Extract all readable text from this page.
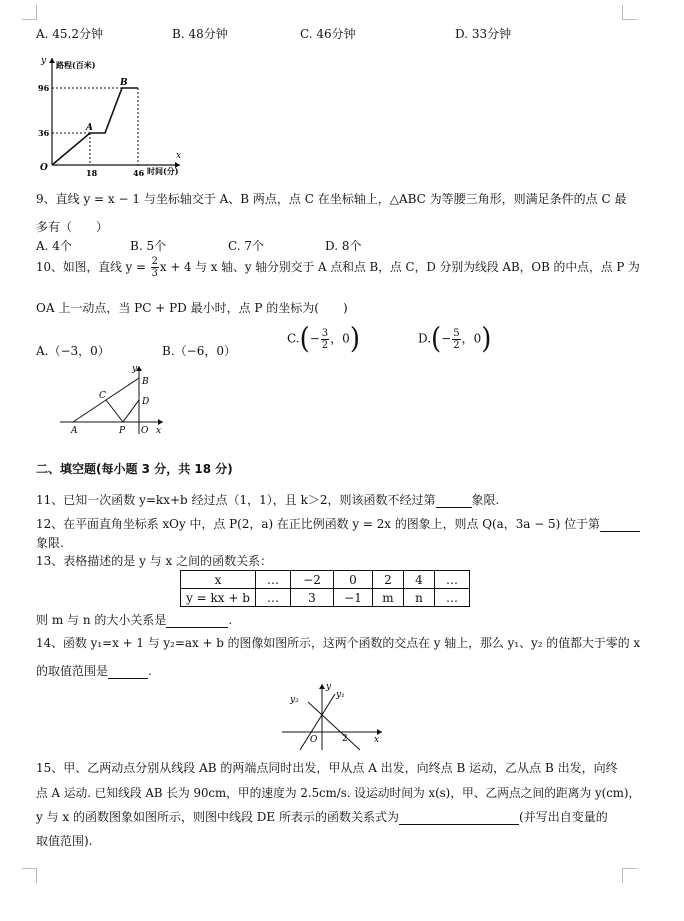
A. 45.2分钟	B. 48分钟	C. 46分钟	D. 33分钟
y 路程(百米)
96
36
O	18	46 时间(分)
x
A
B
9、直线 y = x − 1 与坐标轴交于 A、B 两点，点 C 在坐标轴上，△ABC 为等腰三角形，则满足条件的点 C 最
多有（　　）
A. 4个	B. 5个	C. 7个	D. 8个
10、如图，直线 $y = \frac{2}{3}$ x + 4 与 x 轴、y 轴分别交于 A 点和点 B，点 C，D 分别为线段 AB，OB 的中点，点 P 为
OA 上一动点，当 PC + PD 最小时，点 P 的坐标为(　　)
A.（−3，0）	B.（−6，0）
$C.(- \frac{3}{2}$ ，0)	$D.(- \frac{5}{2}$ ，0)
y
B
C
D
A	P O x
二、填空题(每小题 3 分，共 18 分)
11、已知一次函数 y=kx+b 经过点（1，1），且 k＞2，则该函数不经过第	象限.
12、在平面直角坐标系 xOy 中，点 P(2，a) 在正比例函数 y = 2x 的图象上，则点 Q(a，3a − 5) 位于第
象限.
13、表格描述的是 y 与 x 之间的函数关系：
x	…	−2	0	2	4	…
y = kx + b	…	3	−1	m	n	…
则 m 与 n 的大小关系是	.
14、函数 y₁=x + 1 与 y₂=ax + b 的图像如图所示，这两个函数的交点在 y 轴上，那么 y₁、y₂ 的值都大于零的 x
的取值范围是	.
y
y₁
y₂
O	2	x
15、甲、乙两动点分别从线段 AB 的两端点同时出发，甲从点 A 出发，向终点 B 运动，乙从点 B 出发，向终
点 A 运动. 已知线段 AB 长为 90cm，甲的速度为 2.5cm/s. 设运动时间为 x(s)，甲、乙两点之间的距离为 y(cm)，
y 与 x 的函数图象如图所示，则图中线段 DE 所表示的函数关系式为	(并写出自变量的
取值范围).
